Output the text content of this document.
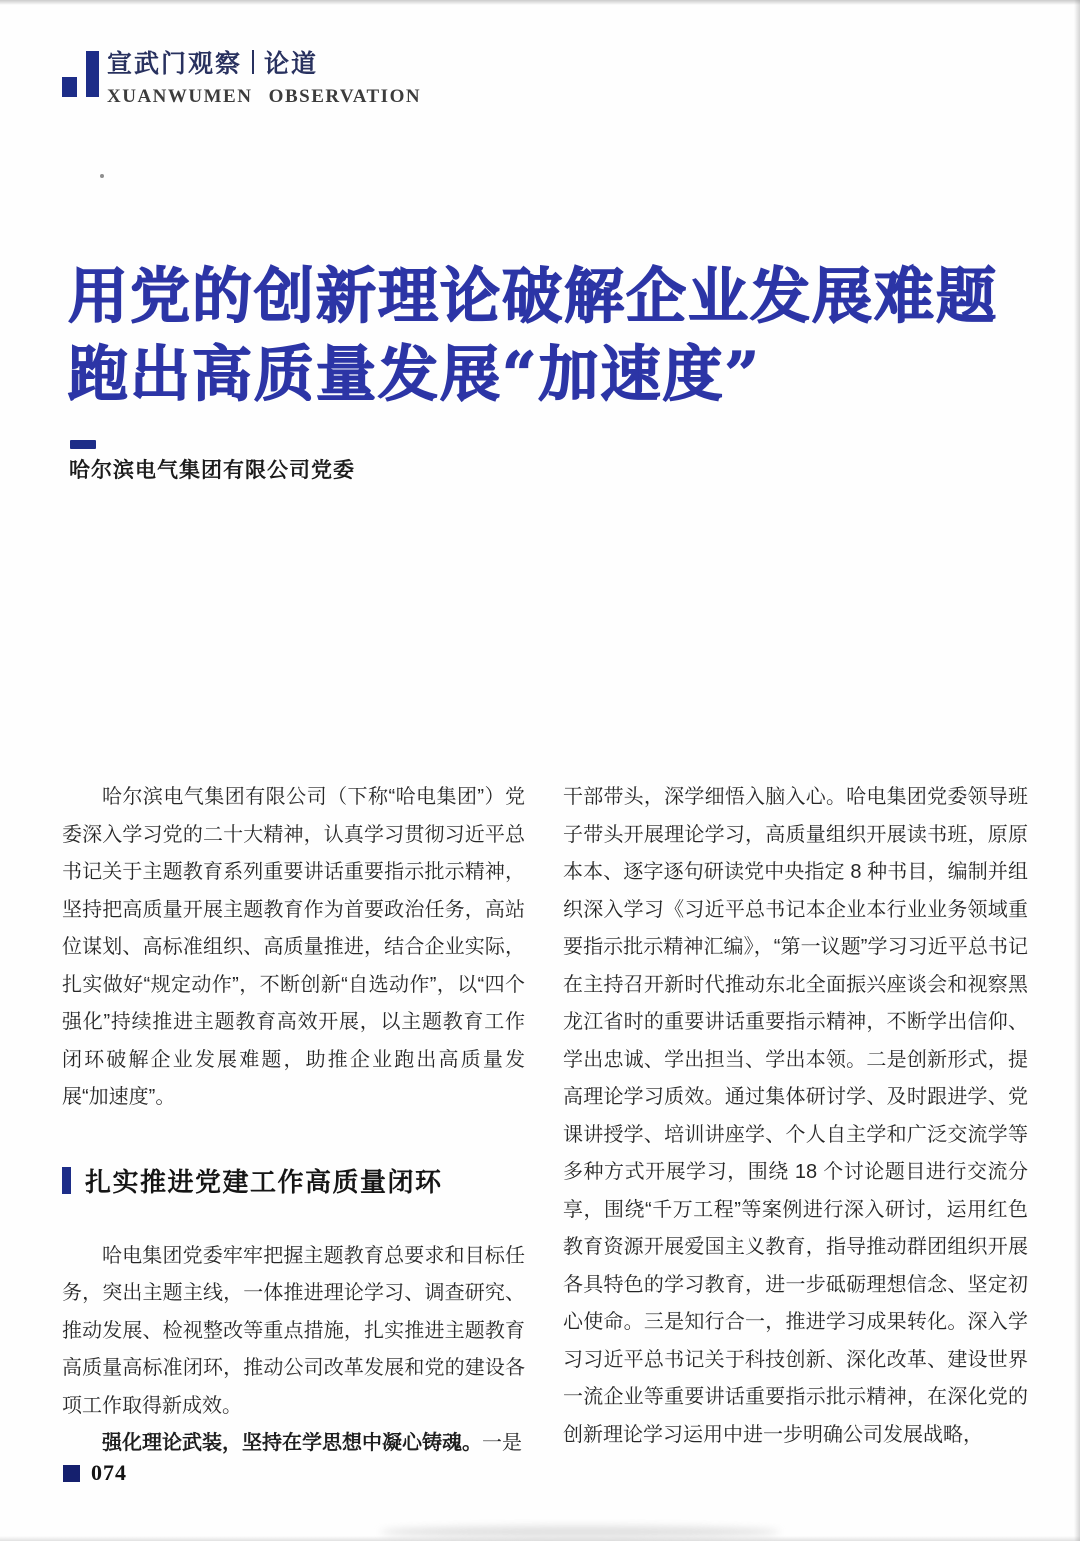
宣武门观察 论道
XUANWUMEN OBSERVATION
用党的创新理论破解企业发展难题
跑出高质量发展“加速度”
哈尔滨电气集团有限公司党委

哈尔滨电气集团有限公司（下称“哈电集团”）党委深入学习党的二十大精神，认真学习贯彻习近平总书记关于主题教育系列重要讲话重要指示批示精神，坚持把高质量开展主题教育作为首要政治任务，高站位谋划、高标准组织、高质量推进，结合企业实际，扎实做好“规定动作”，不断创新“自选动作”，以“四个强化”持续推进主题教育高效开展，以主题教育工作闭环破解企业发展难题，助推企业跑出高质量发展“加速度”。

扎实推进党建工作高质量闭环

哈电集团党委牢牢把握主题教育总要求和目标任务，突出主题主线，一体推进理论学习、调查研究、推动发展、检视整改等重点措施，扎实推进主题教育高质量高标准闭环，推动公司改革发展和党的建设各项工作取得新成效。

强化理论武装，坚持在学思想中凝心铸魂。一是

干部带头，深学细悟入脑入心。哈电集团党委领导班子带头开展理论学习，高质量组织开展读书班，原原本本、逐字逐句研读党中央指定 8 种书目，编制并组织深入学习《习近平总书记本企业本行业业务领域重要指示批示精神汇编》，“第一议题”学习习近平总书记在主持召开新时代推动东北全面振兴座谈会和视察黑龙江省时的重要讲话重要指示精神，不断学出信仰、学出忠诚、学出担当、学出本领。二是创新形式，提高理论学习质效。通过集体研讨学、及时跟进学、党课讲授学、培训讲座学、个人自主学和广泛交流学等多种方式开展学习，围绕 18 个讨论题目进行交流分享，围绕“千万工程”等案例进行深入研讨，运用红色教育资源开展爱国主义教育，指导推动群团组织开展各具特色的学习教育，进一步砥砺理想信念、坚定初心使命。三是知行合一，推进学习成果转化。深入学习习近平总书记关于科技创新、深化改革、建设世界一流企业等重要讲话重要指示批示精神，在深化党的创新理论学习运用中进一步明确公司发展战略，

074
